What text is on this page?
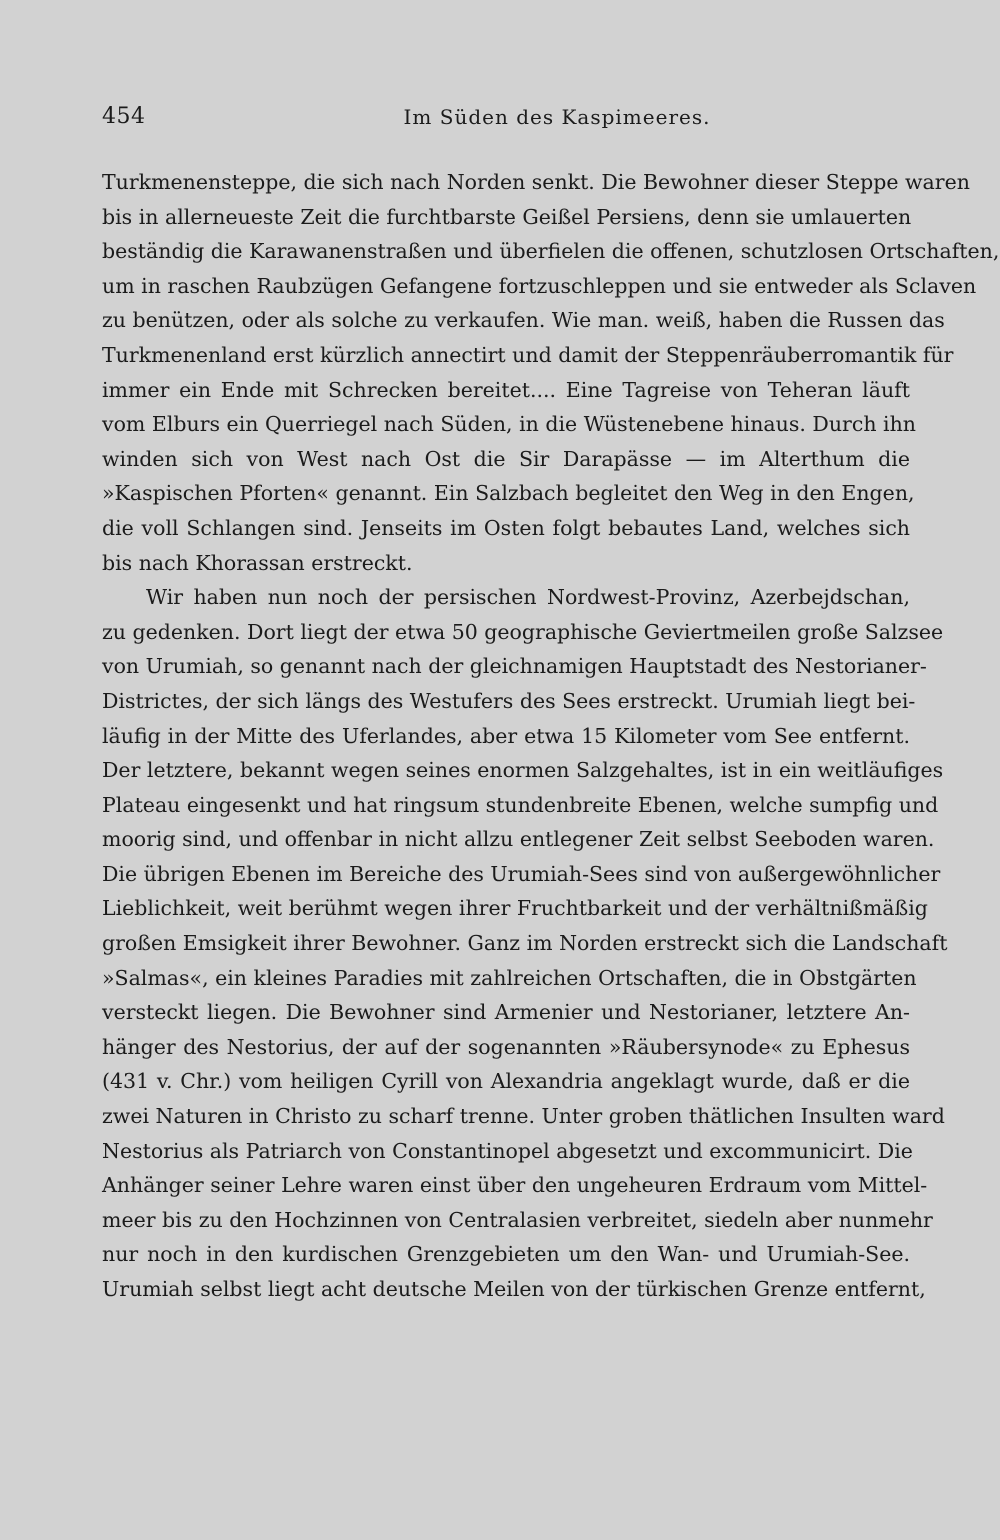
454	Im Süden des Kaspimeeres.
Turkmenensteppe, die sich nach Norden senkt. Die Bewohner dieser Steppe waren
bis in allerneueste Zeit die furchtbarste Geißel Persiens, denn sie umlauerten
beständig die Karawanenstraßen und überfielen die offenen, schutzlosen Ortschaften,
um in raschen Raubzügen Gefangene fortzuschleppen und sie entweder als Sclaven
zu benützen, oder als solche zu verkaufen. Wie man. weiß, haben die Russen das
Turkmenenland erst kürzlich annectirt und damit der Steppenräuberromantik für
immer ein Ende mit Schrecken bereitet.... Eine Tagreise von Teheran läuft
vom Elburs ein Querriegel nach Süden, in die Wüstenebene hinaus. Durch ihn
winden sich von West nach Ost die Sir Darapässe — im Alterthum die
»Kaspischen Pforten« genannt. Ein Salzbach begleitet den Weg in den Engen,
die voll Schlangen sind. Jenseits im Osten folgt bebautes Land, welches sich
bis nach Khorassan erstreckt.
Wir haben nun noch der persischen Nordwest-Provinz, Azerbejdschan,
zu gedenken. Dort liegt der etwa 50 geographische Geviertmeilen große Salzsee
von Urumiah, so genannt nach der gleichnamigen Hauptstadt des Nestorianer-
Districtes, der sich längs des Westufers des Sees erstreckt. Urumiah liegt bei-
läufig in der Mitte des Uferlandes, aber etwa 15 Kilometer vom See entfernt.
Der letztere, bekannt wegen seines enormen Salzgehaltes, ist in ein weitläufiges
Plateau eingesenkt und hat ringsum stundenbreite Ebenen, welche sumpfig und
moorig sind, und offenbar in nicht allzu entlegener Zeit selbst Seeboden waren.
Die übrigen Ebenen im Bereiche des Urumiah-Sees sind von außergewöhnlicher
Lieblichkeit, weit berühmt wegen ihrer Fruchtbarkeit und der verhältnißmäßig
großen Emsigkeit ihrer Bewohner. Ganz im Norden erstreckt sich die Landschaft
»Salmas«, ein kleines Paradies mit zahlreichen Ortschaften, die in Obstgärten
versteckt liegen. Die Bewohner sind Armenier und Nestorianer, letztere An-
hänger des Nestorius, der auf der sogenannten »Räubersynode« zu Ephesus
(431 v. Chr.) vom heiligen Cyrill von Alexandria angeklagt wurde, daß er die
zwei Naturen in Christo zu scharf trenne. Unter groben thätlichen Insulten ward
Nestorius als Patriarch von Constantinopel abgesetzt und excommunicirt. Die
Anhänger seiner Lehre waren einst über den ungeheuren Erdraum vom Mittel-
meer bis zu den Hochzinnen von Centralasien verbreitet, siedeln aber nunmehr
nur noch in den kurdischen Grenzgebieten um den Wan- und Urumiah-See.
Urumiah selbst liegt acht deutsche Meilen von der türkischen Grenze entfernt,
